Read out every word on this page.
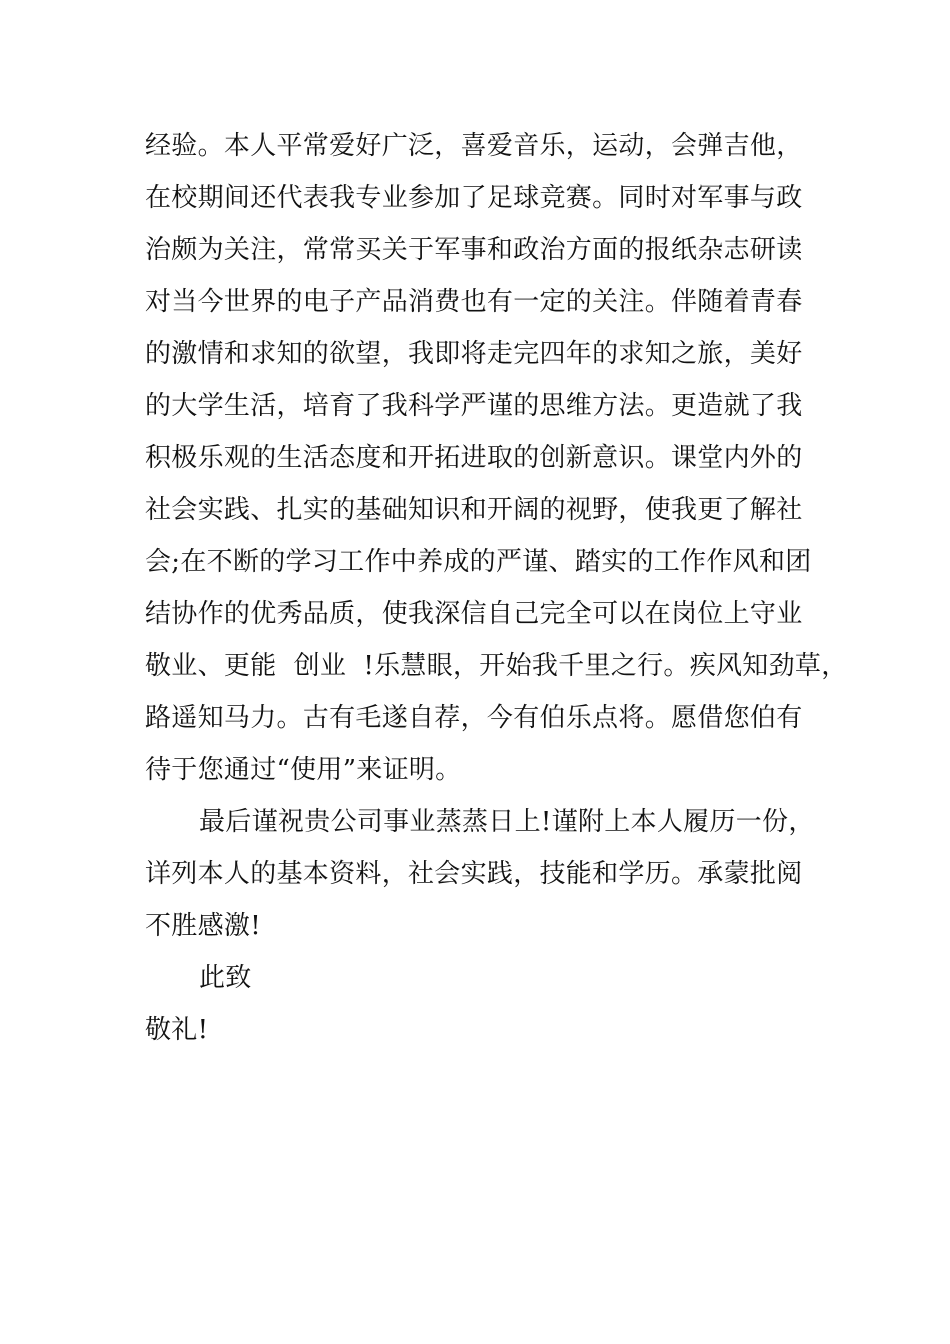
经验。本人平常爱好广泛，喜爱音乐，运动，会弹吉他，
在校期间还代表我专业参加了足球竞赛。同时对军事与政
治颇为关注，常常买关于军事和政治方面的报纸杂志研读
对当今世界的电子产品消费也有一定的关注。伴随着青春
的激情和求知的欲望，我即将走完四年的求知之旅，美好
的大学生活，培育了我科学严谨的思维方法。更造就了我
积极乐观的生活态度和开拓进取的创新意识。课堂内外的
社会实践、扎实的基础知识和开阔的视野，使我更了解社
会;在不断的学习工作中养成的严谨、踏实的工作作风和团
结协作的优秀品质，使我深信自己完全可以在岗位上守业
敬业、更能  创业  !乐慧眼，开始我千里之行。疾风知劲草，
路遥知马力。古有毛遂自荐，今有伯乐点将。愿借您伯有
待于您通过“使用”来证明。
最后谨祝贵公司事业蒸蒸日上!谨附上本人履历一份，
详列本人的基本资料，社会实践，技能和学历。承蒙批阅
不胜感激!
此致
敬礼!
